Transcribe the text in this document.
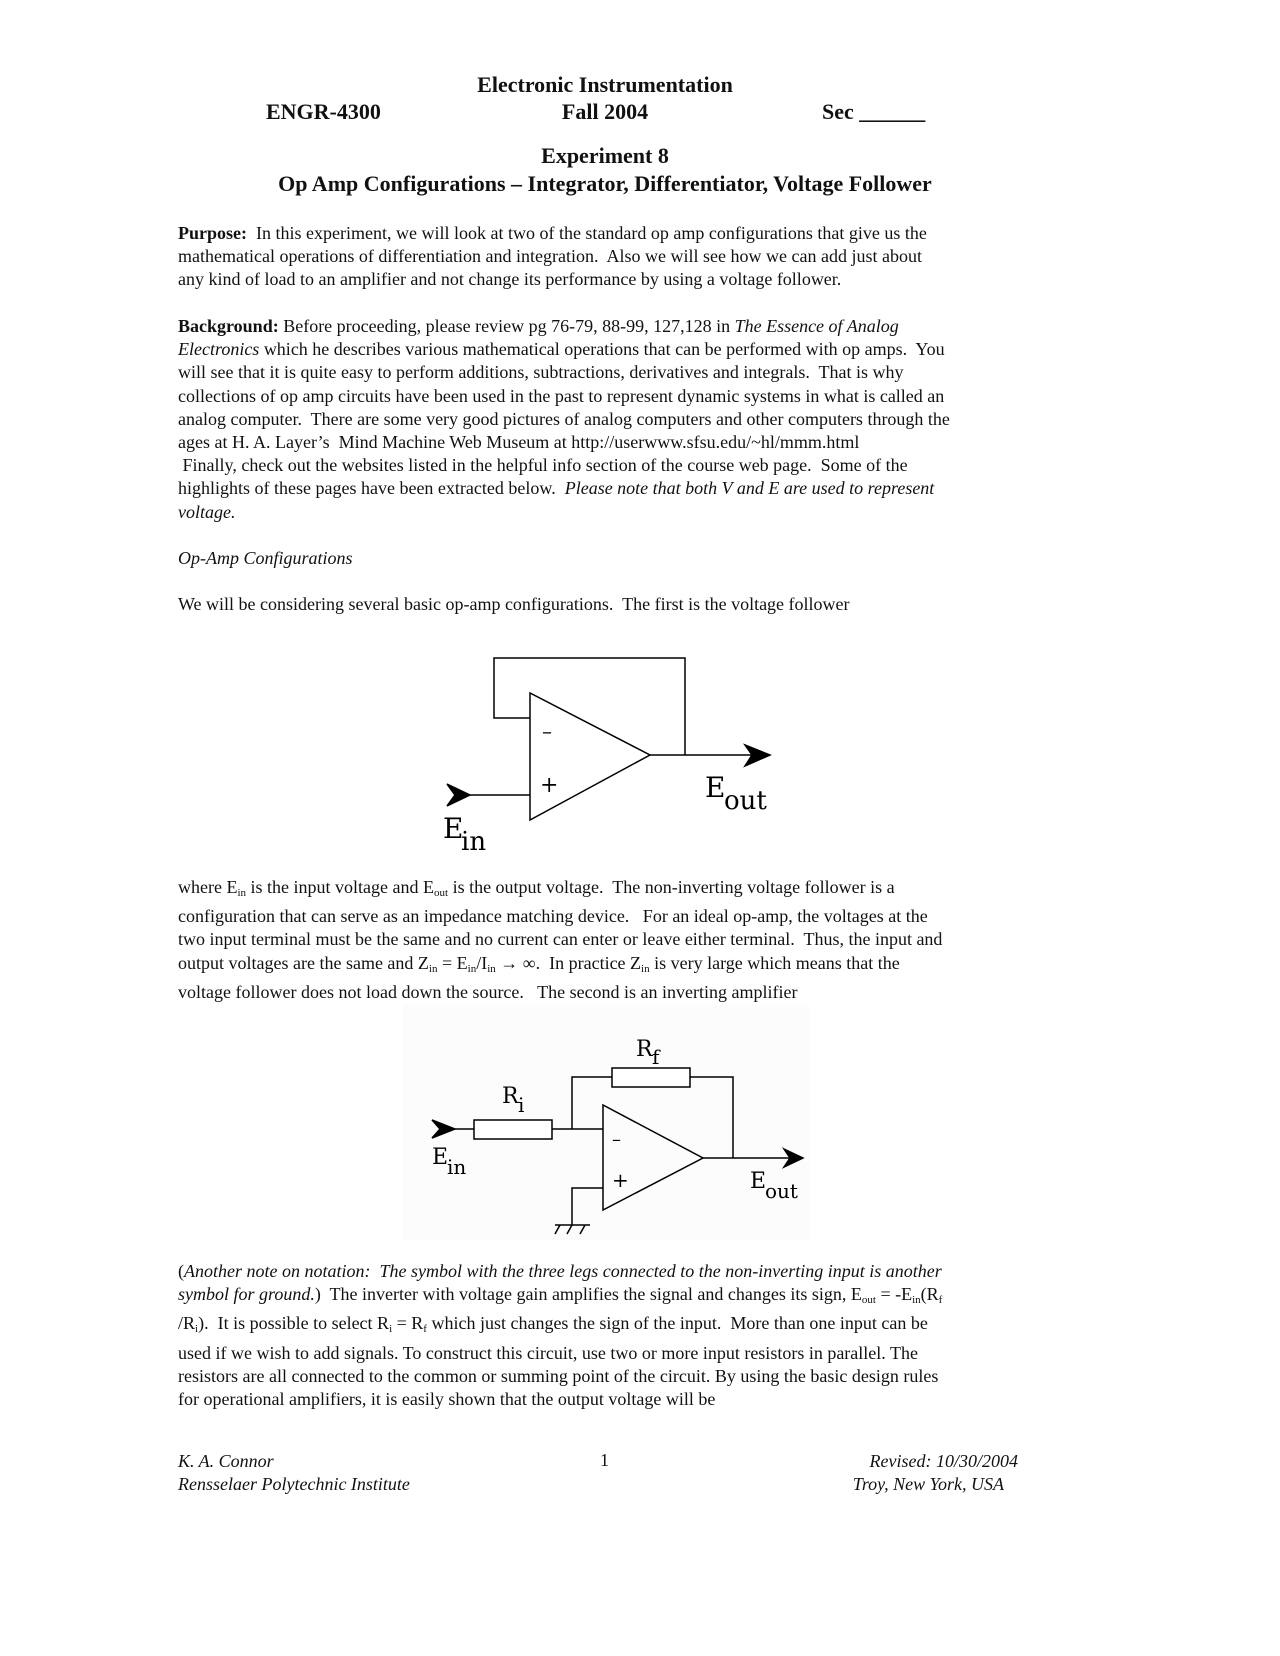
Electronic Instrumentation
ENGR-4300	Fall 2004	Sec ______
Experiment 8
Op Amp Configurations – Integrator, Differentiator, Voltage Follower
Purpose:  In this experiment, we will look at two of the standard op amp configurations that give us the
mathematical operations of differentiation and integration.  Also we will see how we can add just about
any kind of load to an amplifier and not change its performance by using a voltage follower.
Background: Before proceeding, please review pg 76-79, 88-99, 127,128 in The Essence of Analog
Electronics which he describes various mathematical operations that can be performed with op amps.  You
will see that it is quite easy to perform additions, subtractions, derivatives and integrals.  That is why
collections of op amp circuits have been used in the past to represent dynamic systems in what is called an
analog computer.  There are some very good pictures of analog computers and other computers through the
ages at H. A. Layer’s  Mind Machine Web Museum at http://userwww.sfsu.edu/~hl/mmm.html
Finally, check out the websites listed in the helpful info section of the course web page.  Some of the
highlights of these pages have been extracted below.  Please note that both V and E are used to represent
voltage.
Op-Amp Configurations
We will be considering several basic op-amp configurations.  The first is the voltage follower
–
+	E
out
E
in
R f
R i
–
+
E
in
E
out
where $E_{in}$ is the input voltage and $E_{out}$ is the output voltage.  The non-inverting voltage follower is a
configuration that can serve as an impedance matching device.   For an ideal op-amp, the voltages at the
two input terminal must be the same and no current can enter or leave either terminal.  Thus, the input and
output voltages are the same and $Z_{in} = E_{in}/I_{in}$ → ∞.  In practice $Z_{in}$ is very large which means that the
voltage follower does not load down the source.   The second is an inverting amplifier
(Another note on notation:  The symbol with the three legs connected to the non-inverting input is another
symbol for ground.)  The inverter with voltage gain amplifies the signal and changes its sign, $E_{out} = -E_{in}(R_f$
$/R_i$).  It is possible to select $R_i = R_f$ which just changes the sign of the input.  More than one input can be
used if we wish to add signals. To construct this circuit, use two or more input resistors in parallel. The
resistors are all connected to the common or summing point of the circuit. By using the basic design rules
for operational amplifiers, it is easily shown that the output voltage will be
K. A. Connor
Rensselaer Polytechnic Institute
1	Revised: 10/30/2004
Troy, New York, USA
